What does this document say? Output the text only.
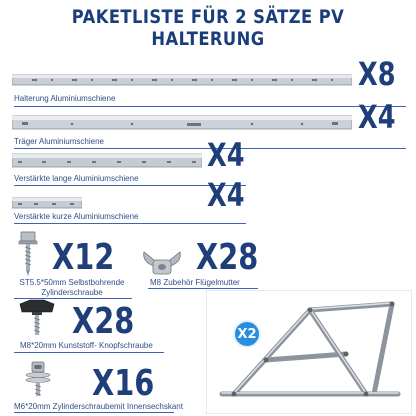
PAKETLISTE FÜR 2 SÄTZE PV HALTERUNG
X8
Halterung Aluminiumschiene	X4
Träger Aluminiumschiene	X4
Verstärkte lange Aluminiumschiene X4
Verstärkte kurze Aluminiumschiene
X12
ST5.5*50mm Selbstbohrende
Zylinderschraube
X28
M8 Zubehör Flügelmutter
X28
M8*20mm Kunststoff- Knopfschraube
X16
M6*20mm Zylinderschraubemit Innensechskant
X2
